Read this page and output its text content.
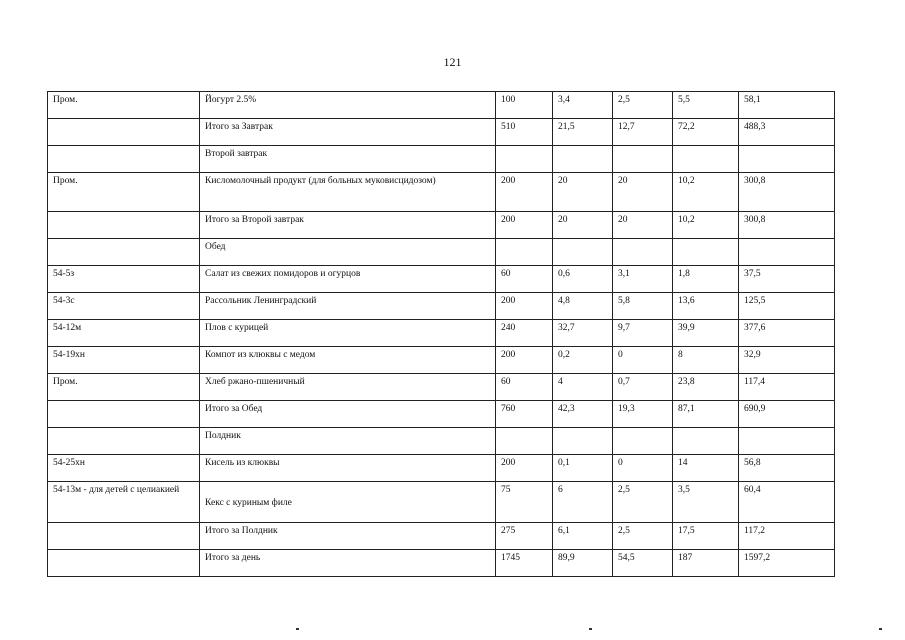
121
Пром.	Йогурт 2.5%	100	3,4	2,5	5,5	58,1
	Итого за Завтрак	510	21,5	12,7	72,2	488,3
	Второй завтрак					
Пром.	Кисломолочный продукт (для больных муковисцидозом)	200	20	20	10,2	300,8
	Итого за Второй завтрак	200	20	20	10,2	300,8
	Обед					
54-5з	Салат из свежих помидоров и огурцов	60	0,6	3,1	1,8	37,5
54-3с	Рассольник Ленинградский	200	4,8	5,8	13,6	125,5
54-12м	Плов с курицей	240	32,7	9,7	39,9	377,6
54-19хн	Компот из клюквы с медом	200	0,2	0	8	32,9
Пром.	Хлеб ржано-пшеничный	60	4	0,7	23,8	117,4
	Итого за Обед	760	42,3	19,3	87,1	690,9
	Полдник					
54-25хн	Кисель из клюквы	200	0,1	0	14	56,8
54-13м - для детей с целиакией	Кекс с куриным филе	75	6	2,5	3,5	60,4
	Итого за Полдник	275	6,1	2,5	17,5	117,2
	Итого за день	1745	89,9	54,5	187	1597,2
